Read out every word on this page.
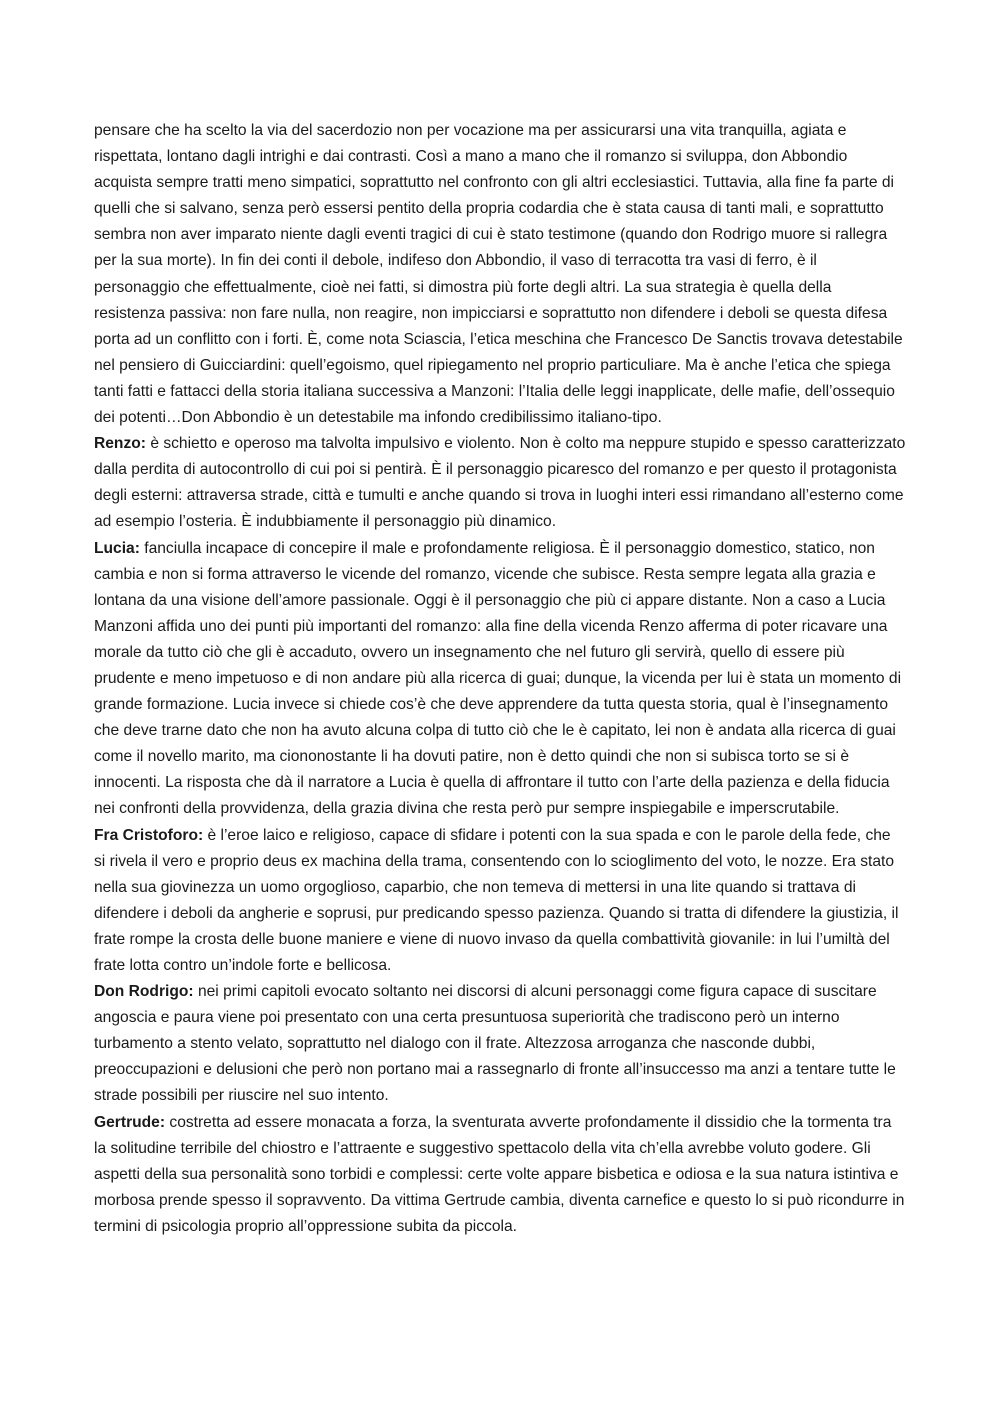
pensare che ha scelto la via del sacerdozio non per vocazione ma per assicurarsi una vita tranquilla, agiata e rispettata, lontano dagli intrighi e dai contrasti. Così a mano a mano che il romanzo si sviluppa, don Abbondio acquista sempre tratti meno simpatici, soprattutto nel confronto con gli altri ecclesiastici. Tuttavia, alla fine fa parte di quelli che si salvano, senza però essersi pentito della propria codardia che è stata causa di tanti mali, e soprattutto sembra non aver imparato niente dagli eventi tragici di cui è stato testimone (quando don Rodrigo muore si rallegra per la sua morte). In fin dei conti il debole, indifeso don Abbondio, il vaso di terracotta tra vasi di ferro, è il personaggio che effettualmente, cioè nei fatti, si dimostra più forte degli altri. La sua strategia è quella della resistenza passiva: non fare nulla, non reagire, non impicciarsi e soprattutto non difendere i deboli se questa difesa porta ad un conflitto con i forti. È, come nota Sciascia, l’etica meschina che Francesco De Sanctis trovava detestabile nel pensiero di Guicciardini: quell’egoismo, quel ripiegamento nel proprio particuliare. Ma è anche l’etica che spiega tanti fatti e fattacci della storia italiana successiva a Manzoni: l’Italia delle leggi inapplicate, delle mafie, dell’ossequio dei potenti…Don Abbondio è un detestabile ma infondo credibilissimo italiano-tipo.

Renzo: è schietto e operoso ma talvolta impulsivo e violento. Non è colto ma neppure stupido e spesso caratterizzato dalla perdita di autocontrollo di cui poi si pentirà. È il personaggio picaresco del romanzo e per questo il protagonista degli esterni: attraversa strade, città e tumulti e anche quando si trova in luoghi interi essi rimandano all’esterno come ad esempio l’osteria. È indubbiamente il personaggio più dinamico.

Lucia: fanciulla incapace di concepire il male e profondamente religiosa. È il personaggio domestico, statico, non cambia e non si forma attraverso le vicende del romanzo, vicende che subisce. Resta sempre legata alla grazia e lontana da una visione dell’amore passionale. Oggi è il personaggio che più ci appare distante. Non a caso a Lucia Manzoni affida uno dei punti più importanti del romanzo: alla fine della vicenda Renzo afferma di poter ricavare una morale da tutto ciò che gli è accaduto, ovvero un insegnamento che nel futuro gli servirà, quello di essere più prudente e meno impetuoso e di non andare più alla ricerca di guai; dunque, la vicenda per lui è stata un momento di grande formazione. Lucia invece si chiede cos’è che deve apprendere da tutta questa storia, qual è l’insegnamento che deve trarne dato che non ha avuto alcuna colpa di tutto ciò che le è capitato, lei non è andata alla ricerca di guai come il novello marito, ma ciononostante li ha dovuti patire, non è detto quindi che non si subisca torto se si è innocenti. La risposta che dà il narratore a Lucia è quella di affrontare il tutto con l’arte della pazienza e della fiducia nei confronti della provvidenza, della grazia divina che resta però pur sempre inspiegabile e imperscrutabile.

Fra Cristoforo: è l’eroe laico e religioso, capace di sfidare i potenti con la sua spada e con le parole della fede, che si rivela il vero e proprio deus ex machina della trama, consentendo con lo scioglimento del voto, le nozze. Era stato nella sua giovinezza un uomo orgoglioso, caparbio, che non temeva di mettersi in una lite quando si trattava di difendere i deboli da angherie e soprusi, pur predicando spesso pazienza. Quando si tratta di difendere la giustizia, il frate rompe la crosta delle buone maniere e viene di nuovo invaso da quella combattività giovanile: in lui l’umiltà del frate lotta contro un’indole forte e bellicosa.

Don Rodrigo: nei primi capitoli evocato soltanto nei discorsi di alcuni personaggi come figura capace di suscitare angoscia e paura viene poi presentato con una certa presuntuosa superiorità che tradiscono però un interno turbamento a stento velato, soprattutto nel dialogo con il frate. Altezzosa arroganza che nasconde dubbi, preoccupazioni e delusioni che però non portano mai a rassegnarlo di fronte all’insuccesso ma anzi a tentare tutte le strade possibili per riuscire nel suo intento.

Gertrude: costretta ad essere monacata a forza, la sventurata avverte profondamente il dissidio che la tormenta tra la solitudine terribile del chiostro e l’attraente e suggestivo spettacolo della vita ch’ella avrebbe voluto godere. Gli aspetti della sua personalità sono torbidi e complessi: certe volte appare bisbetica e odiosa e la sua natura istintiva e morbosa prende spesso il sopravvento. Da vittima Gertrude cambia, diventa carnefice e questo lo si può ricondurre in termini di psicologia proprio all’oppressione subita da piccola.
